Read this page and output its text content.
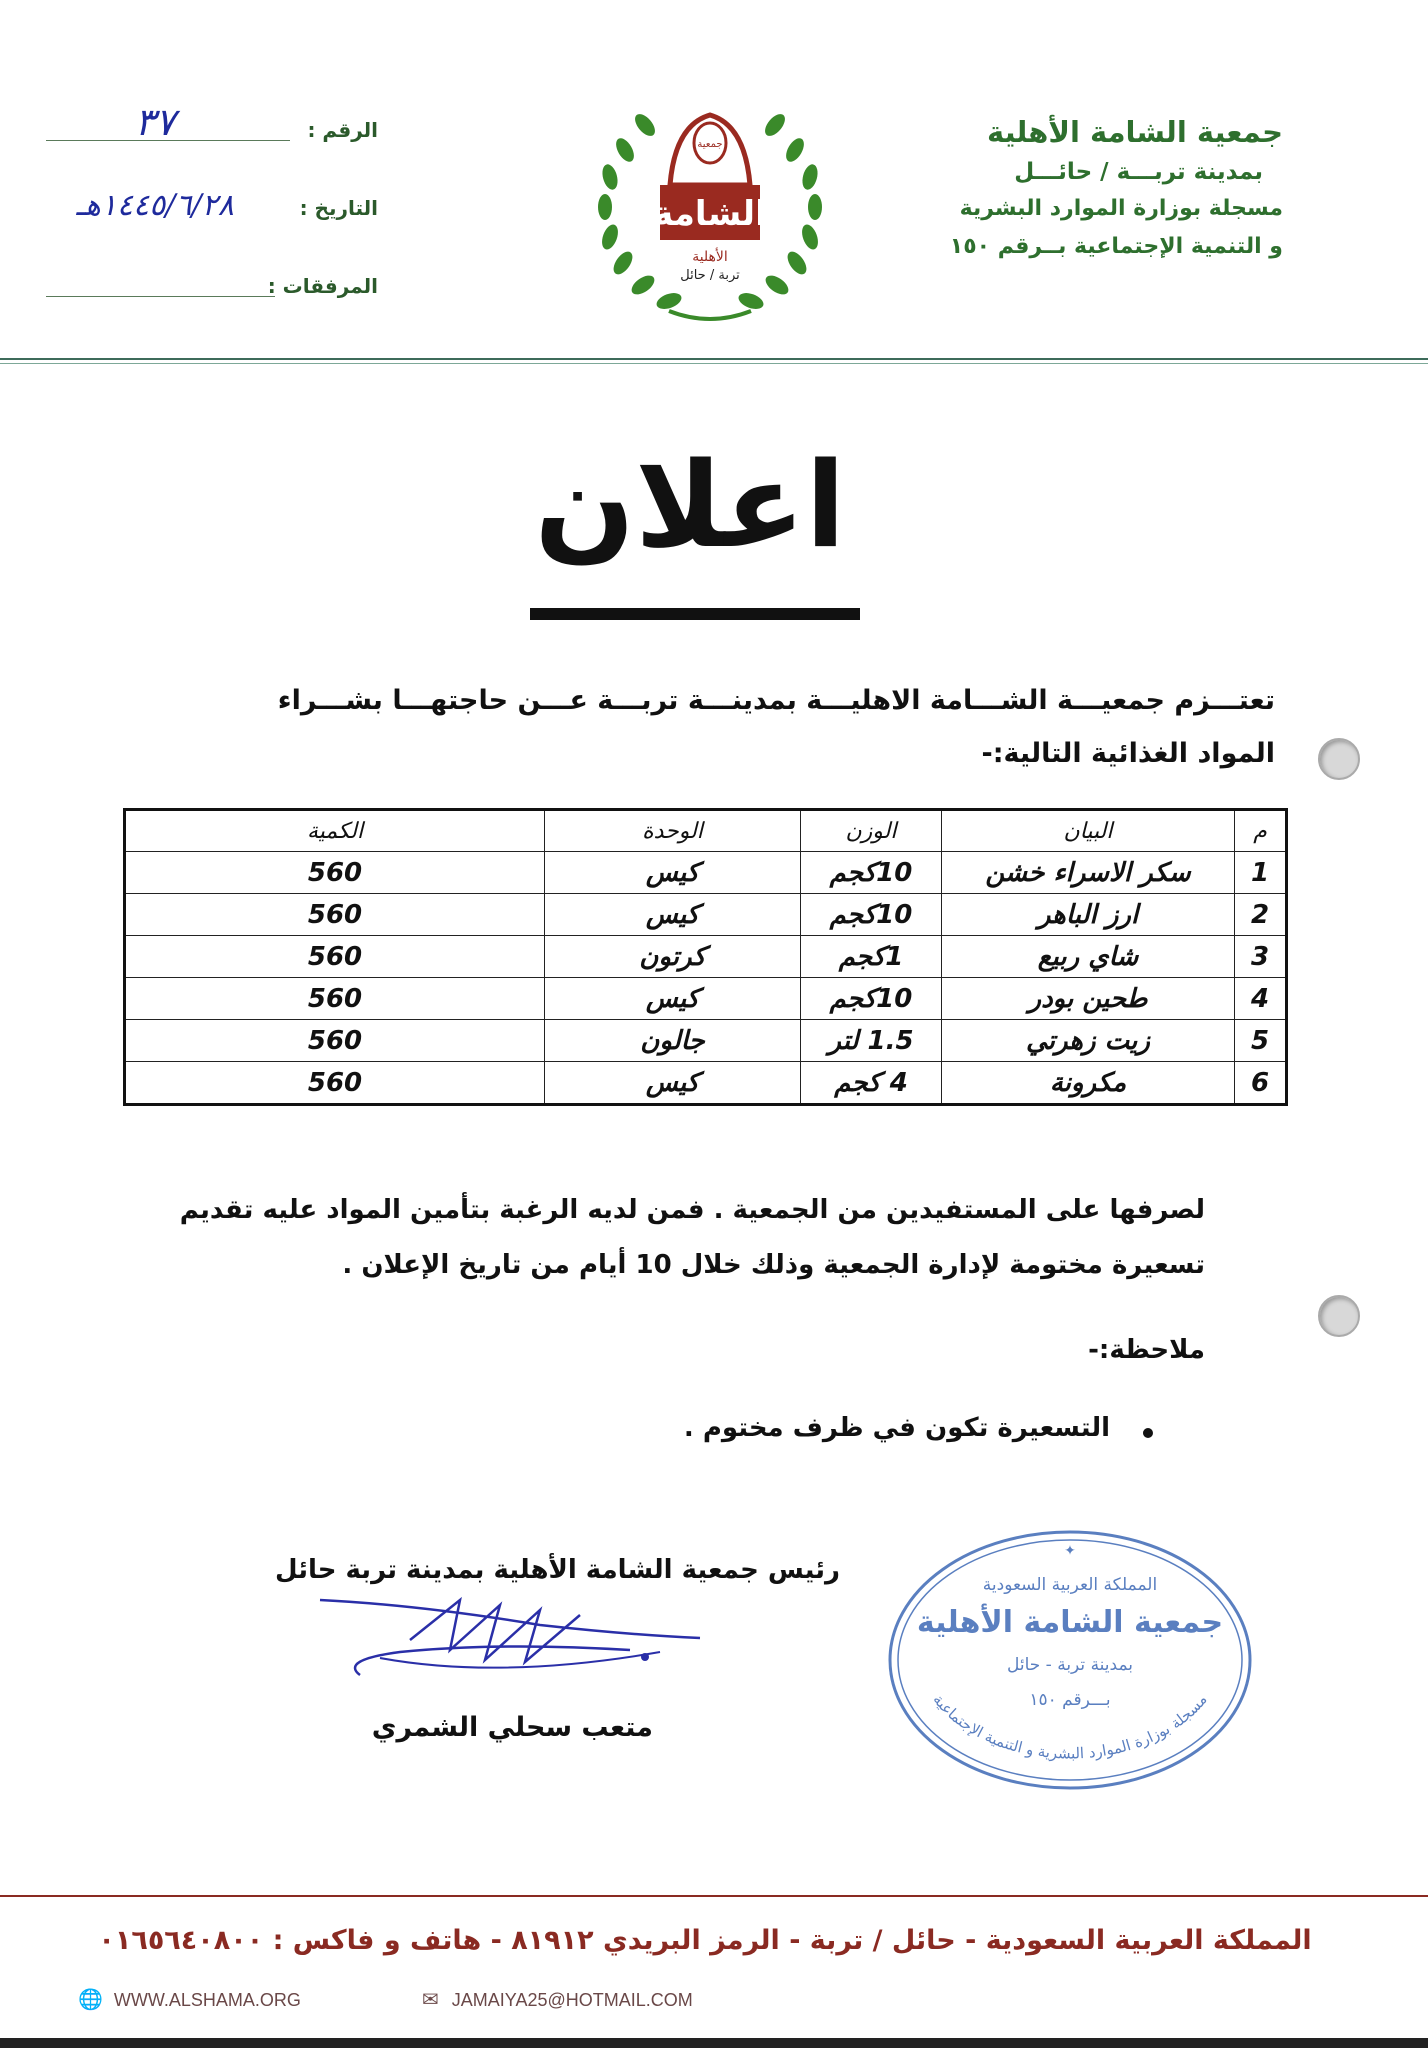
جمعية الشامة الأهلية
بمدينة تربـــة / حائـــل
مسجلة بوزارة الموارد البشرية
و التنمية الإجتماعية بــرقم ١٥٠
جمعية
الشامة
الأهلية
تربة / حائل
الرقم :
٣٧
التاريخ :
١٤٤٥/٦/٢٨هـ
المرفقات :
اعلان
تعتـــزم جمعيـــة الشـــامة الاهليـــة بمدينـــة تربـــة عـــن حاجتهـــا بشـــراء
المواد الغذائية التالية:-
م	البيان	الوزن	الوحدة	الكمية
1	سكر الاسراء خشن	10كجم	كيس	560
2	ارز الباهر	10كجم	كيس	560
3	شاي ربيع	1كجم	كرتون	560
4	طحين بودر	10كجم	كيس	560
5	زيت زهرتي	1.5 لتر	جالون	560
6	مكرونة	4 كجم	كيس	560
لصرفها على المستفيدين من الجمعية . فمن لديه الرغبة بتأمين المواد عليه تقديم
تسعيرة مختومة لإدارة الجمعية وذلك خلال 10 أيام من تاريخ الإعلان .
ملاحظة:-
التسعيرة تكون في ظرف مختوم .
رئيس جمعية الشامة الأهلية بمدينة تربة حائل
متعب سحلي الشمري
المملكة العربية السعودية
جمعية الشامة الأهلية
بمدينة تربة - حائل
بـــرقم ١٥٠
مسجلة بوزارة الموارد البشرية و التنمية الإجتماعية
✦
المملكة العربية السعودية - حائل / تربة - الرمز البريدي ٨١٩١٢ - هاتف و فاكس : ٠١٦٥٦٤٠٨٠٠
🌐 WWW.ALSHAMA.ORG	✉ JAMAIYA25@HOTMAIL.COM
